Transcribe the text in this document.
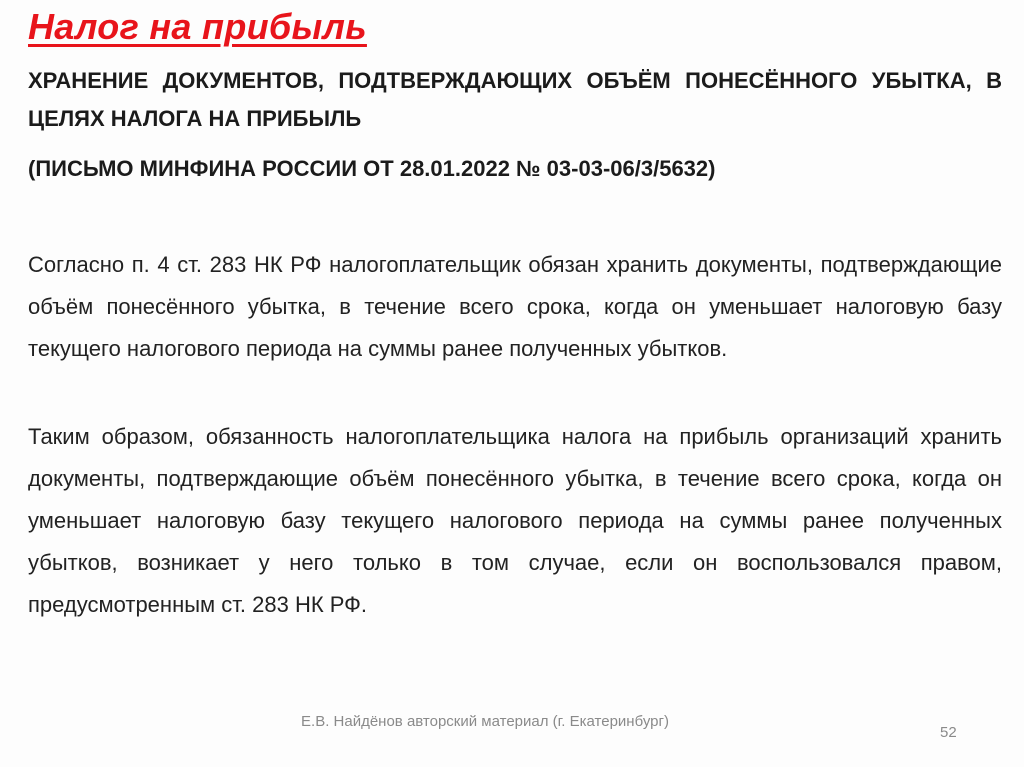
Налог на прибыль

ХРАНЕНИЕ ДОКУМЕНТОВ, ПОДТВЕРЖДАЮЩИХ ОБЪЁМ ПОНЕСЁННОГО УБЫТКА, В ЦЕЛЯХ НАЛОГА НА ПРИБЫЛЬ

(ПИСЬМО МИНФИНА РОССИИ ОТ 28.01.2022 № 03-03-06/3/5632)

Согласно п. 4 ст. 283 НК РФ налогоплательщик обязан хранить документы, подтверждающие объём понесённого убытка, в течение всего срока, когда он уменьшает налоговую базу текущего налогового периода на суммы ранее полученных убытков.

Таким образом, обязанность налогоплательщика налога на прибыль организаций хранить документы, подтверждающие объём понесённого убытка, в течение всего срока, когда он уменьшает налоговую базу текущего налогового периода на суммы ранее полученных убытков, возникает у него только в том случае, если он воспользовался правом, предусмотренным ст. 283 НК РФ.

Е.В. Найдёнов авторский материал (г. Екатеринбург)

52
